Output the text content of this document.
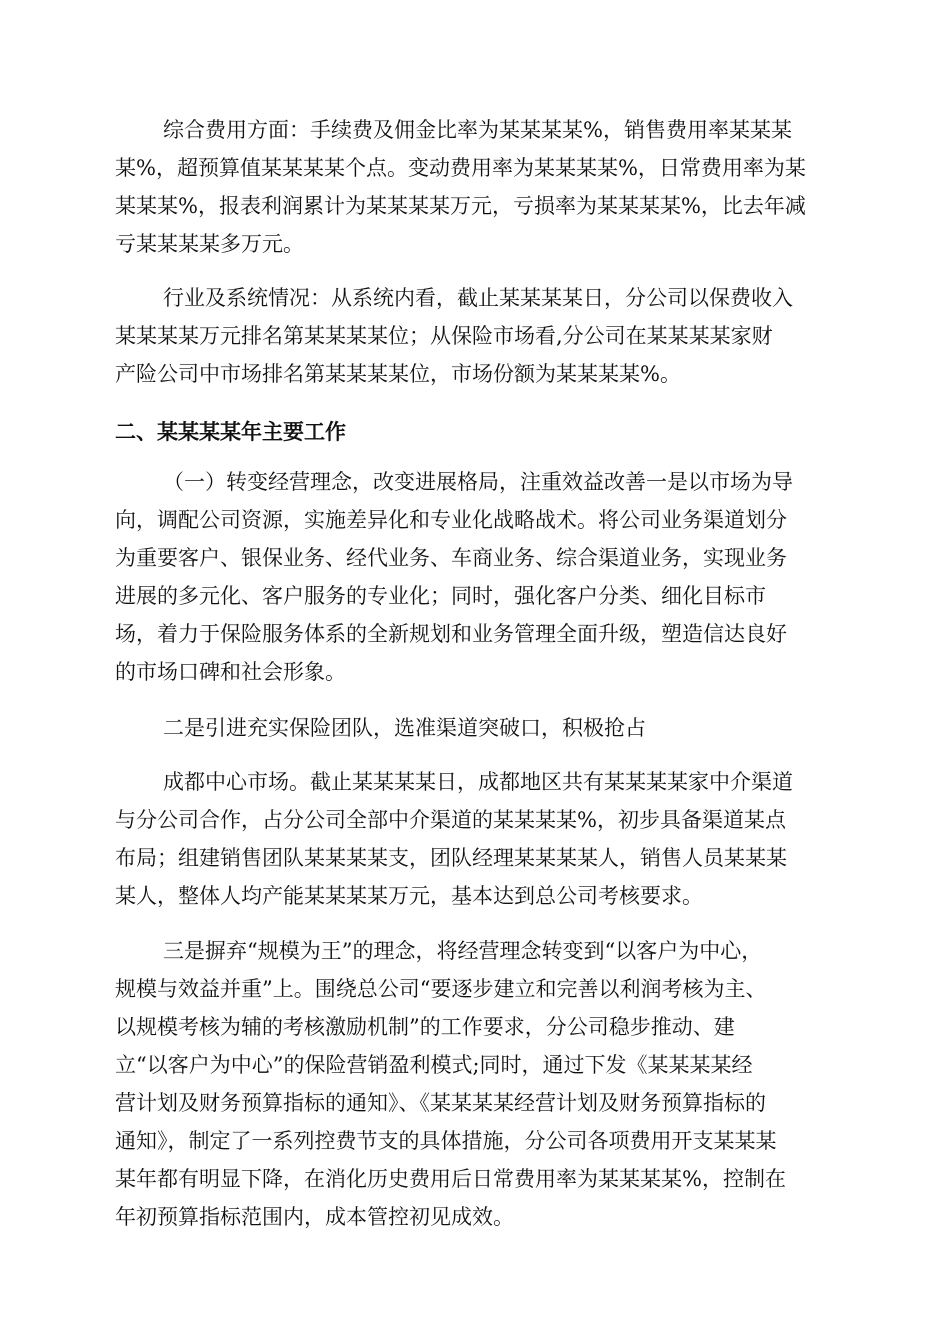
综合费用方面：手续费及佣金比率为某某某某%，销售费用率某某某
某%，超预算值某某某某个点。变动费用率为某某某某%，日常费用率为某
某某某%，报表利润累计为某某某某万元，亏损率为某某某某%，比去年减
亏某某某某多万元。
行业及系统情况：从系统内看，截止某某某某日，分公司以保费收入
某某某某万元排名第某某某某位；从保险市场看,分公司在某某某某家财
产险公司中市场排名第某某某某位，市场份额为某某某某%。
二、某某某某年主要工作
（一）转变经营理念，改变进展格局，注重效益改善一是以市场为导
向，调配公司资源，实施差异化和专业化战略战术。将公司业务渠道划分
为重要客户、银保业务、经代业务、车商业务、综合渠道业务，实现业务
进展的多元化、客户服务的专业化；同时，强化客户分类、细化目标市
场，着力于保险服务体系的全新规划和业务管理全面升级，塑造信达良好
的市场口碑和社会形象。
二是引进充实保险团队，选准渠道突破口，积极抢占
成都中心市场。截止某某某某日，成都地区共有某某某某家中介渠道
与分公司合作，占分公司全部中介渠道的某某某某%，初步具备渠道某点
布局；组建销售团队某某某某支，团队经理某某某某人，销售人员某某某
某人，整体人均产能某某某某万元，基本达到总公司考核要求。
三是摒弃“规模为王”的理念，将经营理念转变到“以客户为中心，
规模与效益并重”上。围绕总公司“要逐步建立和完善以利润考核为主、
以规模考核为辅的考核激励机制”的工作要求，分公司稳步推动、建
立“以客户为中心”的保险营销盈利模式;同时，通过下发《某某某某经
营计划及财务预算指标的通知》、《某某某某经营计划及财务预算指标的
通知》，制定了一系列控费节支的具体措施，分公司各项费用开支某某某
某年都有明显下降，在消化历史费用后日常费用率为某某某某%，控制在
年初预算指标范围内，成本管控初见成效。
